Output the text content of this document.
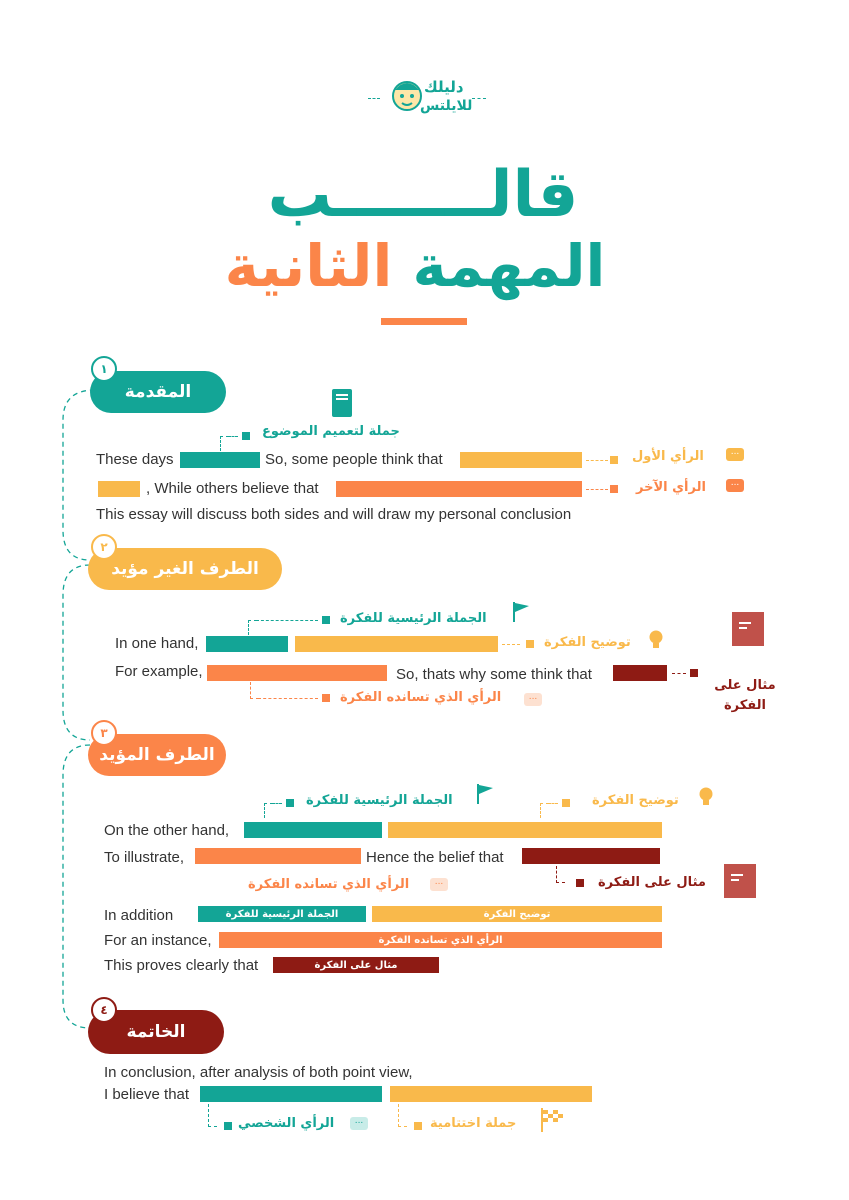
دليلك
للايلتس
قالـــــــب
المهمة الثانية
المقدمة
١
جملة لتعميم الموضوع
These days	So, some people think that	الرأي الأول	...
, While others believe that	الرأي الآخر	...
This essay will discuss both sides and will draw my personal conclusion
الطرف الغير مؤيد
٢
الجملة الرئيسية للفكرة
In one hand,	توضيح الفكرة
For example,	So, thats why some think that
مثال على الفكرة
الرأي الذي تسانده الفكرة	...
الطرف المؤيد
٣
الجملة الرئيسية للفكرة	توضيح الفكرة
On the other hand,
To illustrate,	Hence the belief that
الرأي الذي تسانده الفكرة	...	مثال على الفكرة
In addition	الجملة الرئيسية للفكرة	توضيح الفكرة
For an instance,	الرأي الذي تسانده الفكرة
This proves clearly that	مثال على الفكرة
الخاتمة
٤
In conclusion, after analysis of both point view,
I believe that
الرأي الشخصي	...	جملة اختتامية
